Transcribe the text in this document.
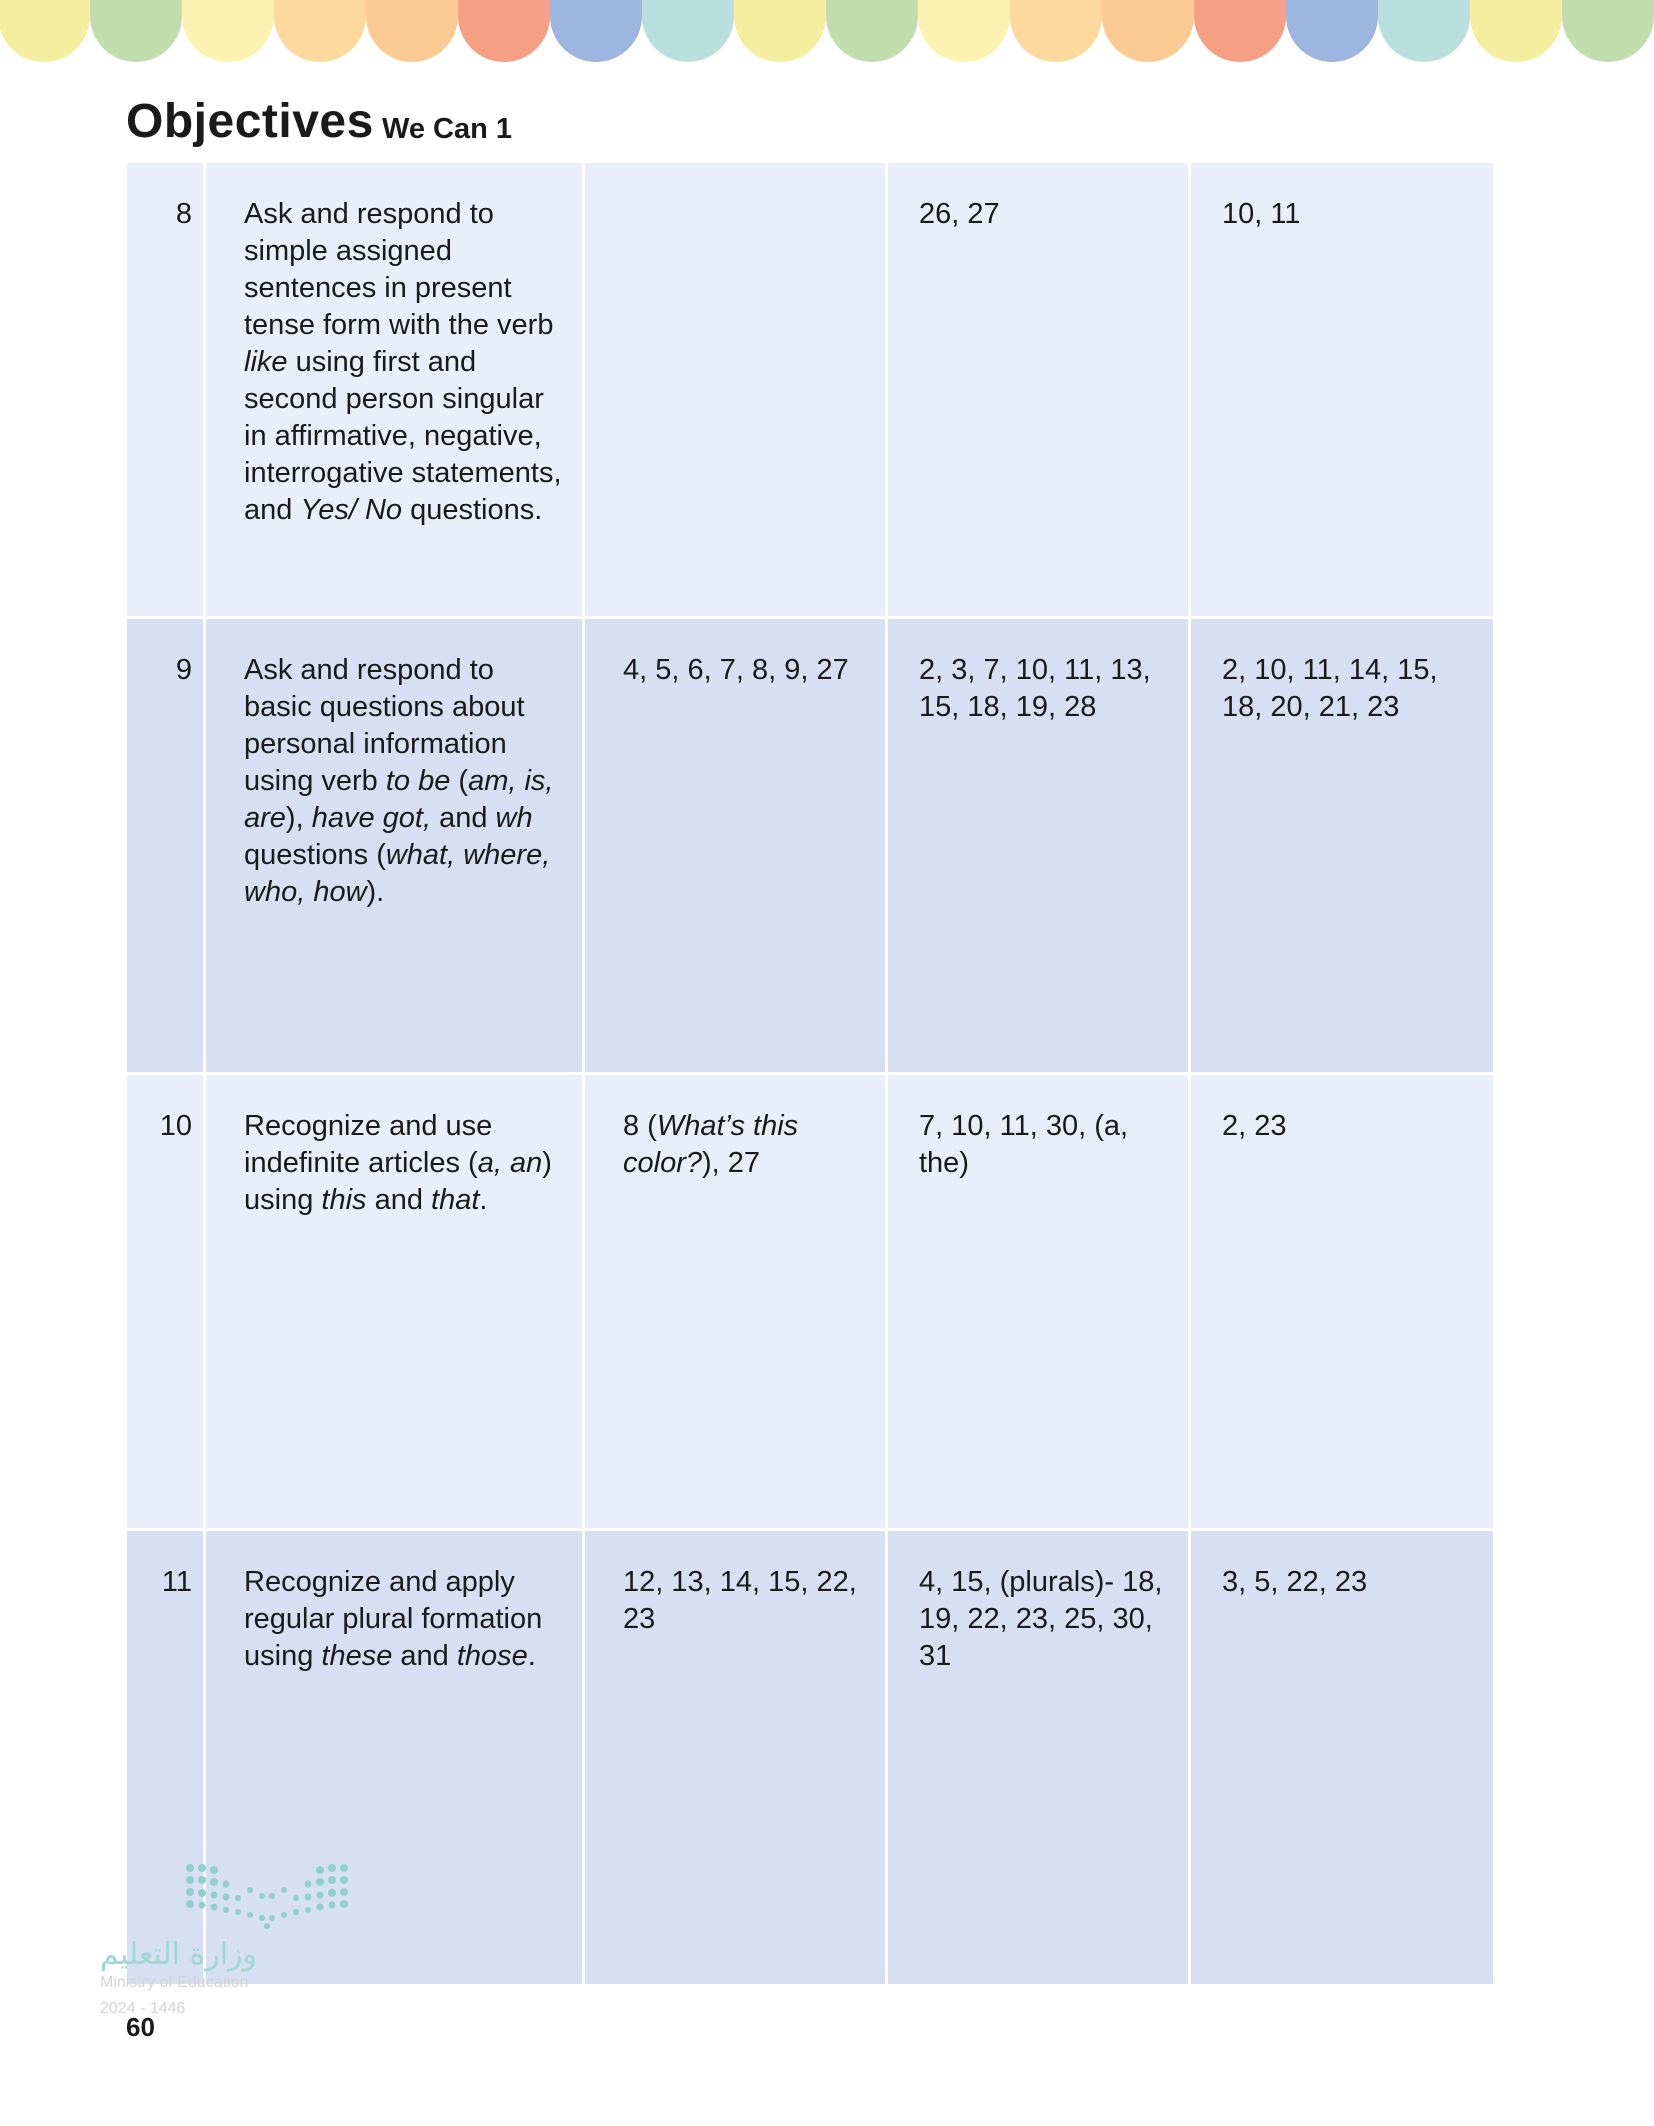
Objectives We Can 1
8 Ask and respond to simple assigned sentences in present tense form with the verb like using first and second person singular in affirmative, negative, interrogative statements, and Yes/ No questions.
26, 27	10, 11
9 Ask and respond to basic questions about personal information using verb to be (am, is, are), have got, and wh questions (what, where, who, how).
4, 5, 6, 7, 8, 9, 27	2, 3, 7, 10, 11, 13, 15, 18, 19, 28
2, 10, 11, 14, 15, 18, 20, 21, 23
10 Recognize and use indefinite articles (a, an) using this and that.
8 (What’s this color?), 27
7, 10, 11, 30, (a, the)
2, 23
11 Recognize and apply regular plural formation using these and those.
12, 13, 14, 15, 22, 23
4, 15, (plurals)- 18, 19, 22, 23, 25, 30, 31
3, 5, 22, 23
وزارة التعليم
Ministry of Education
2024 - 1446
60
